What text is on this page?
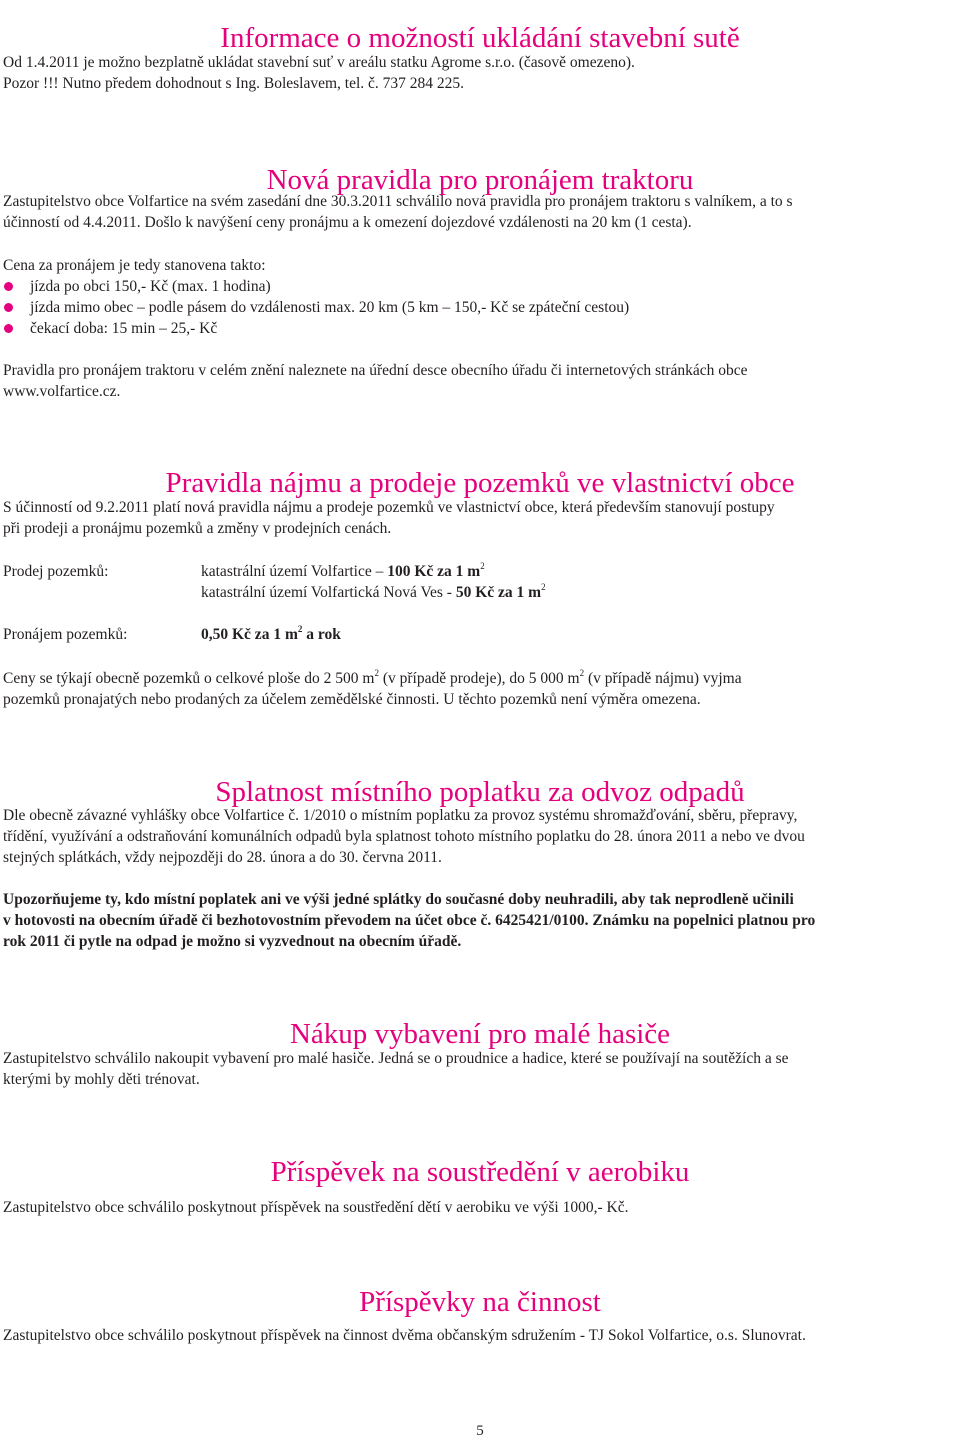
Informace o možností ukládání stavební sutě
Od 1.4.2011 je možno bezplatně ukládat stavební suť v areálu statku Agrome s.r.o. (časově omezeno).
Pozor !!! Nutno předem dohodnout s Ing. Boleslavem, tel. č. 737 284 225.
Nová pravidla pro pronájem traktoru
Zastupitelstvo obce Volfartice na svém zasedání dne 30.3.2011 schválilo nová pravidla pro pronájem traktoru s valníkem, a to s
účinností od 4.4.2011. Došlo k navýšení ceny pronájmu a k omezení dojezdové vzdálenosti na 20 km (1 cesta).
Cena za pronájem je tedy stanovena takto:
jízda po obci 150,- Kč (max. 1 hodina)
jízda mimo obec – podle pásem do vzdálenosti max. 20 km (5 km – 150,- Kč se zpáteční cestou)
čekací doba: 15 min – 25,- Kč
Pravidla pro pronájem traktoru v celém znění naleznete na úřední desce obecního úřadu či internetových stránkách obce
www.volfartice.cz.
Pravidla nájmu a prodeje pozemků ve vlastnictví obce
S účinností od 9.2.2011 platí nová pravidla nájmu a prodeje pozemků ve vlastnictví obce, která především stanovují postupy
při prodeji a pronájmu pozemků a změny v prodejních cenách.
Prodej pozemků:	katastrální území Volfartice – 100 Kč za 1 $m^2$
katastrální území Volfartická Nová Ves - 50 Kč za 1 $m^2$
Pronájem pozemků:	0,50 Kč za 1 $m^2$ a rok
Ceny se týkají obecně pozemků o celkové ploše do 2 500 $m^2$ (v případě prodeje), do 5 000 $m^2$ (v případě nájmu) vyjma
pozemků pronajatých nebo prodaných za účelem zemědělské činnosti. U těchto pozemků není výměra omezena.
Splatnost místního poplatku za odvoz odpadů
Dle obecně závazné vyhlášky obce Volfartice č. 1/2010 o místním poplatku za provoz systému shromažďování, sběru, přepravy,
třídění, využívání a odstraňování komunálních odpadů byla splatnost tohoto místního poplatku do 28. února 2011 a nebo ve dvou
stejných splátkách, vždy nejpozději do 28. února a do 30. června 2011.
Upozorňujeme ty, kdo místní poplatek ani ve výši jedné splátky do současné doby neuhradili, aby tak neprodleně učinili
v hotovosti na obecním úřadě či bezhotovostním převodem na účet obce č. 6425421/0100. Známku na popelnici platnou pro
rok 2011 či pytle na odpad je možno si vyzvednout na obecním úřadě.
Nákup vybavení pro malé hasiče
Zastupitelstvo schválilo nakoupit vybavení pro malé hasiče. Jedná se o proudnice a hadice, které se používají na soutěžích a se
kterými by mohly děti trénovat.
Příspěvek na soustředění v aerobiku
Zastupitelstvo obce schválilo poskytnout příspěvek na soustředění dětí v aerobiku ve výši 1000,- Kč.
Příspěvky na činnost
Zastupitelstvo obce schválilo poskytnout příspěvek na činnost dvěma občanským sdružením - TJ Sokol Volfartice, o.s. Slunovrat.
5
